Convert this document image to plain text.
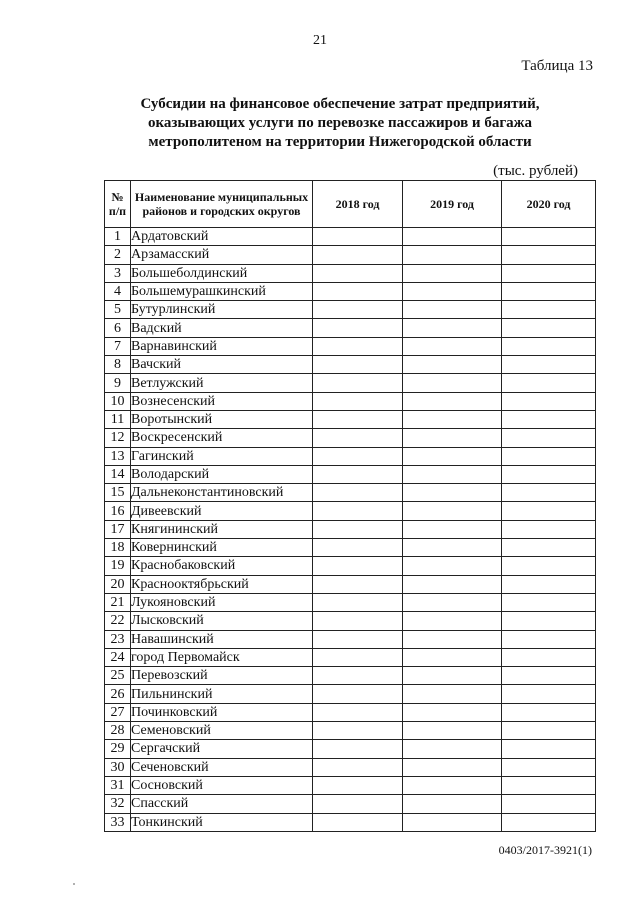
21
Таблица 13
Субсидии на финансовое обеспечение затрат предприятий,
оказывающих услуги по перевозке пассажиров и багажа
метрополитеном на территории Нижегородской области
(тыс. рублей)
№ п/п	Наименование муниципальных районов и городских округов	2018 год	2019 год	2020 год
1	Ардатовский			
2	Арзамасский			
3	Большеболдинский			
4	Большемурашкинский			
5	Бутурлинский			
6	Вадский			
7	Варнавинский			
8	Вачский			
9	Ветлужский			
10	Вознесенский			
11	Воротынский			
12	Воскресенский			
13	Гагинский			
14	Володарский			
15	Дальнеконстантиновский			
16	Дивеевский			
17	Княгининский			
18	Ковернинский			
19	Краснобаковский			
20	Краснооктябрьский			
21	Лукояновский			
22	Лысковский			
23	Навашинский			
24	город Первомайск			
25	Перевозский			
26	Пильнинский			
27	Починковский			
28	Семеновский			
29	Сергачский			
30	Сеченовский			
31	Сосновский			
32	Спасский			
33	Тонкинский			
0403/2017-3921(1)
